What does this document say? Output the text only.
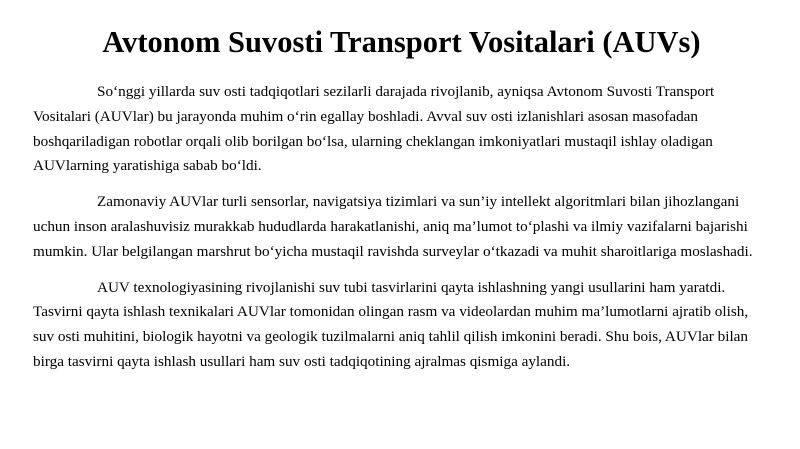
Avtonom Suvosti Transport Vositalari (AUVs)

So‘nggi yillarda suv osti tadqiqotlari sezilarli darajada rivojlanib, ayniqsa Avtonom Suvosti Transport Vositalari (AUVlar) bu jarayonda muhim o‘rin egallay boshladi. Avval suv osti izlanishlari asosan masofadan boshqariladigan robotlar orqali olib borilgan bo‘lsa, ularning cheklangan imkoniyatlari mustaqil ishlay oladigan AUVlarning yaratishiga sabab bo‘ldi.

Zamonaviy AUVlar turli sensorlar, navigatsiya tizimlari va sun’iy intellekt algoritmlari bilan jihozlangani uchun inson aralashuvisiz murakkab hududlarda harakatlanishi, aniq ma’lumot to‘plashi va ilmiy vazifalarni bajarishi mumkin. Ular belgilangan marshrut bo‘yicha mustaqil ravishda surveylar o‘tkazadi va muhit sharoitlariga moslashadi.

AUV texnologiyasining rivojlanishi suv tubi tasvirlarini qayta ishlashning yangi usullarini ham yaratdi. Tasvirni qayta ishlash texnikalari AUVlar tomonidan olingan rasm va videolardan muhim ma’lumotlarni ajratib olish, suv osti muhitini, biologik hayotni va geologik tuzilmalarni aniq tahlil qilish imkonini beradi. Shu bois, AUVlar bilan birga tasvirni qayta ishlash usullari ham suv osti tadqiqotining ajralmas qismiga aylandi.
